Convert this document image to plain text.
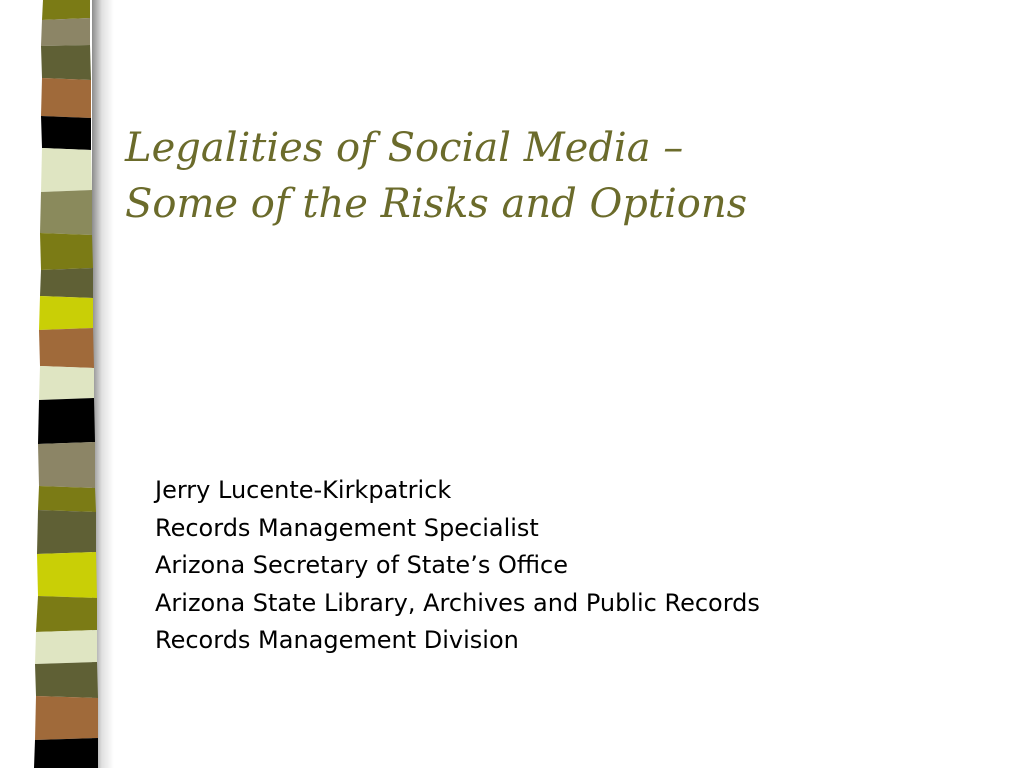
Legalities of Social Media –
Some of the Risks and Options
Jerry Lucente-Kirkpatrick
Records Management Specialist
Arizona Secretary of State’s Office
Arizona State Library, Archives and Public Records
Records Management Division
